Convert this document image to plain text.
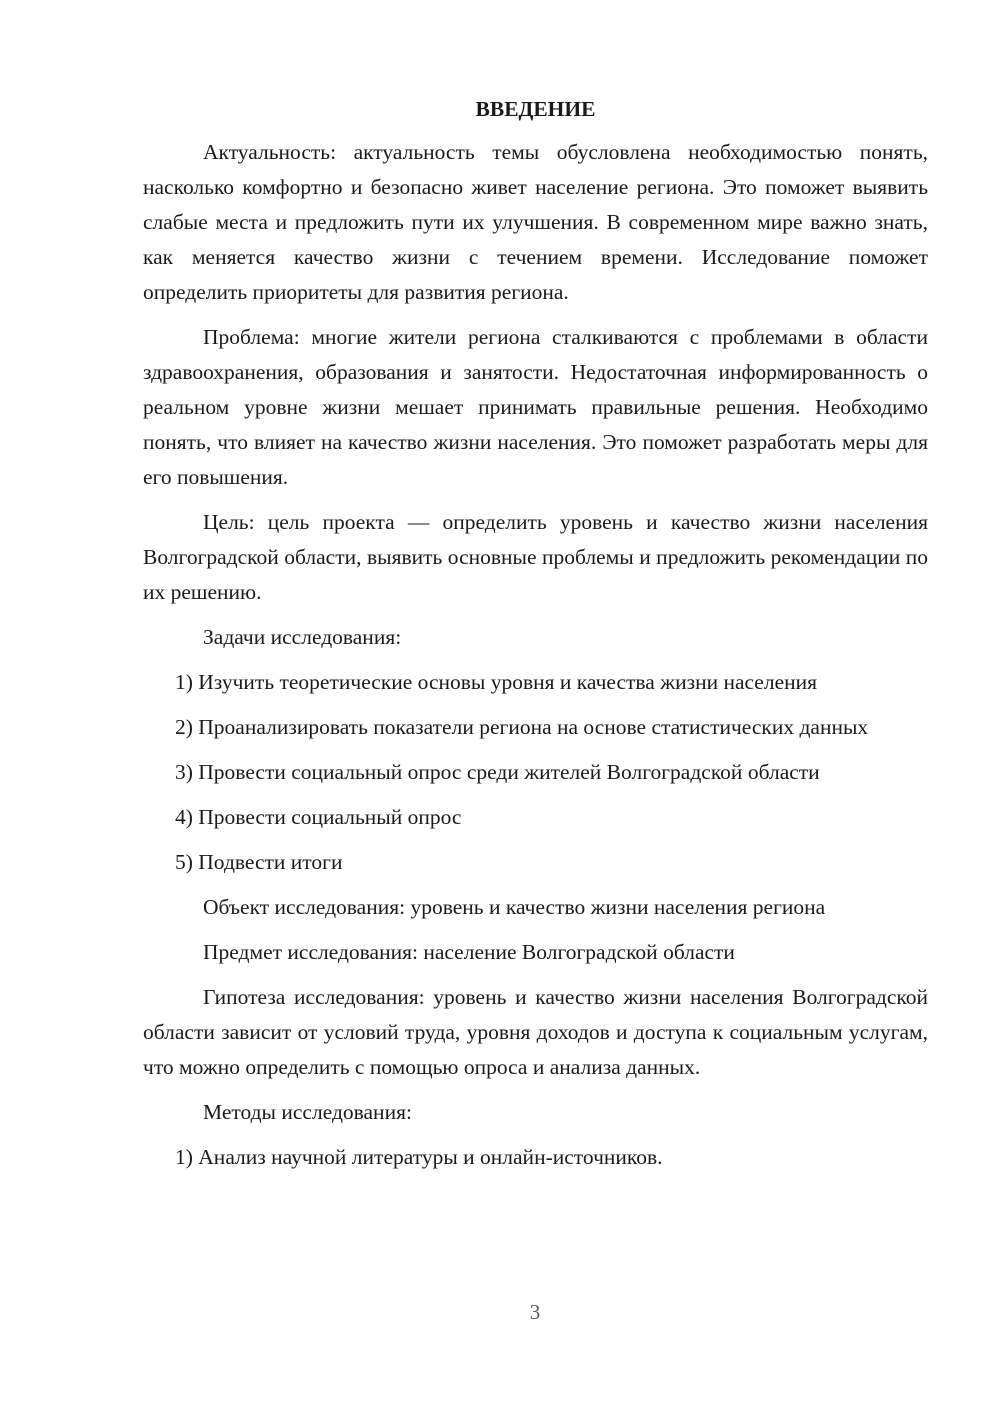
ВВЕДЕНИЕ

Актуальность: актуальность темы обусловлена необходимостью понять, насколько комфортно и безопасно живет население региона. Это поможет выявить слабые места и предложить пути их улучшения. В современном мире важно знать, как меняется качество жизни с течением времени. Исследование поможет определить приоритеты для развития региона.

Проблема: многие жители региона сталкиваются с проблемами в области здравоохранения, образования и занятости. Недостаточная информированность о реальном уровне жизни мешает принимать правильные решения. Необходимо понять, что влияет на качество жизни населения. Это поможет разработать меры для его повышения.

Цель: цель проекта — определить уровень и качество жизни населения Волгоградской области, выявить основные проблемы и предложить рекомендации по их решению.

Задачи исследования:

1) Изучить теоретические основы уровня и качества жизни населения

2) Проанализировать показатели региона на основе статистических данных

3) Провести социальный опрос среди жителей Волгоградской области

4) Провести социальный опрос

5) Подвести итоги

Объект исследования: уровень и качество жизни населения региона

Предмет исследования: население Волгоградской области

Гипотеза исследования: уровень и качество жизни населения Волгоградской области зависит от условий труда, уровня доходов и доступа к социальным услугам, что можно определить с помощью опроса и анализа данных.

Методы исследования:

1) Анализ научной литературы и онлайн-источников.

3
